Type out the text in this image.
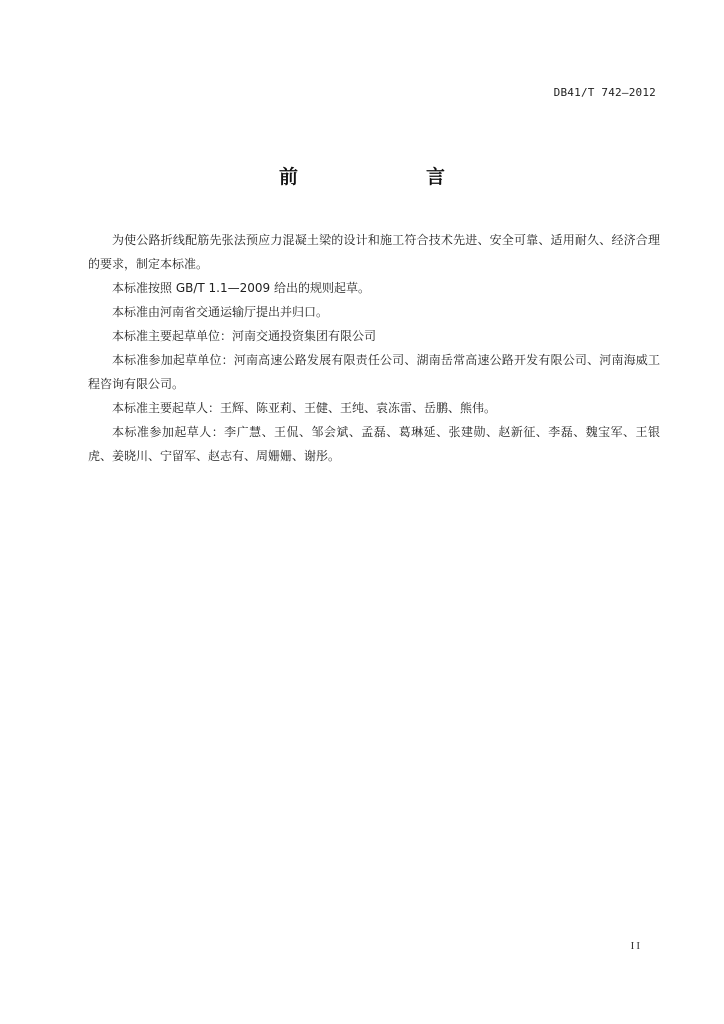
DB41/T 742—2012
前　　言

为使公路折线配筋先张法预应力混凝土梁的设计和施工符合技术先进、安全可靠、适用耐久、经济合理的要求，制定本标准。

本标准按照 GB/T 1.1—2009 给出的规则起草。

本标准由河南省交通运输厅提出并归口。

本标准主要起草单位：河南交通投资集团有限公司

本标准参加起草单位：河南高速公路发展有限责任公司、湖南岳常高速公路开发有限公司、河南海威工程咨询有限公司。

本标准主要起草人：王辉、陈亚莉、王健、王纯、袁冻雷、岳鹏、熊伟。

本标准参加起草人：李广慧、王侃、邹会斌、孟磊、葛琳延、张建勋、赵新征、李磊、魏宝军、王银虎、姜晓川、宁留军、赵志有、周姗姗、谢彤。

II
